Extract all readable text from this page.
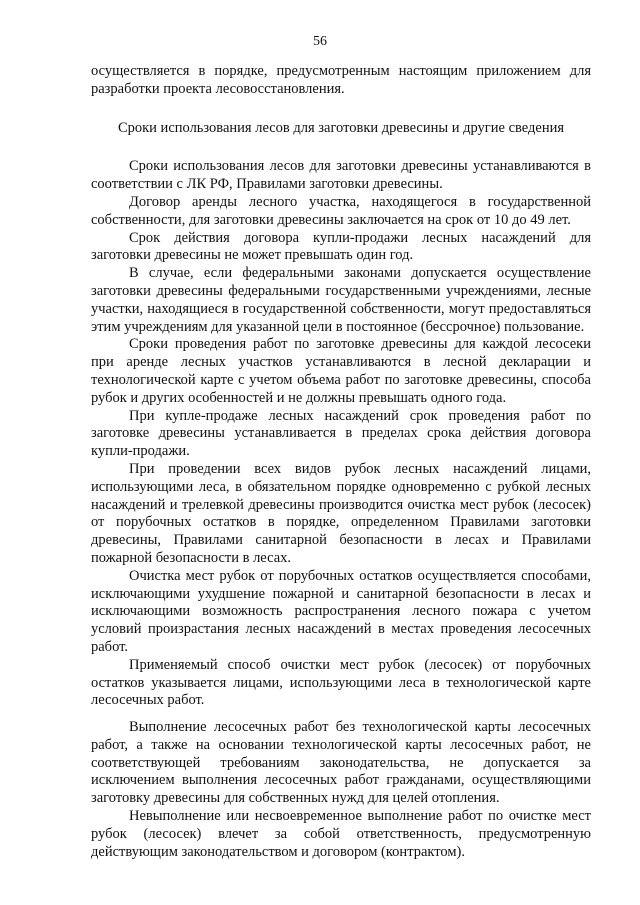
56

осуществляется в порядке, предусмотренным настоящим приложением для разработки проекта лесовосстановления.

Сроки использования лесов для заготовки древесины и другие сведения

Сроки использования лесов для заготовки древесины устанавливаются в соответствии с ЛК РФ, Правилами заготовки древесины.

Договор аренды лесного участка, находящегося в государственной собственности, для заготовки древесины заключается на срок от 10 до 49 лет.

Срок действия договора купли-продажи лесных насаждений для заготовки древесины не может превышать один год.

В случае, если федеральными законами допускается осуществление заготовки древесины федеральными государственными учреждениями, лесные участки, находящиеся в государственной собственности, могут предоставляться этим учреждениям для указанной цели в постоянное (бессрочное) пользование.

Сроки проведения работ по заготовке древесины для каждой лесосеки при аренде лесных участков устанавливаются в лесной декларации и технологической карте с учетом объема работ по заготовке древесины, способа рубок и других особенностей и не должны превышать одного года.

При купле-продаже лесных насаждений срок проведения работ по заготовке древесины устанавливается в пределах срока действия договора купли-продажи.

При проведении всех видов рубок лесных насаждений лицами, использующими леса, в обязательном порядке одновременно с рубкой лесных насаждений и трелевкой древесины производится очистка мест рубок (лесосек) от порубочных остатков в порядке, определенном Правилами заготовки древесины, Правилами санитарной безопасности в лесах и Правилами пожарной безопасности в лесах.

Очистка мест рубок от порубочных остатков осуществляется способами, исключающими ухудшение пожарной и санитарной безопасности в лесах и исключающими возможность распространения лесного пожара с учетом условий произрастания лесных насаждений в местах проведения лесосечных работ.

Применяемый способ очистки мест рубок (лесосек) от порубочных остатков указывается лицами, использующими леса в технологической карте лесосечных работ.

Выполнение лесосечных работ без технологической карты лесосечных работ, а также на основании технологической карты лесосечных работ, не соответствующей требованиям законодательства, не допускается за исключением выполнения лесосечных работ гражданами, осуществляющими заготовку древесины для собственных нужд для целей отопления.

Невыполнение или несвоевременное выполнение работ по очистке мест рубок (лесосек) влечет за собой ответственность, предусмотренную действующим законодательством и договором (контрактом).
